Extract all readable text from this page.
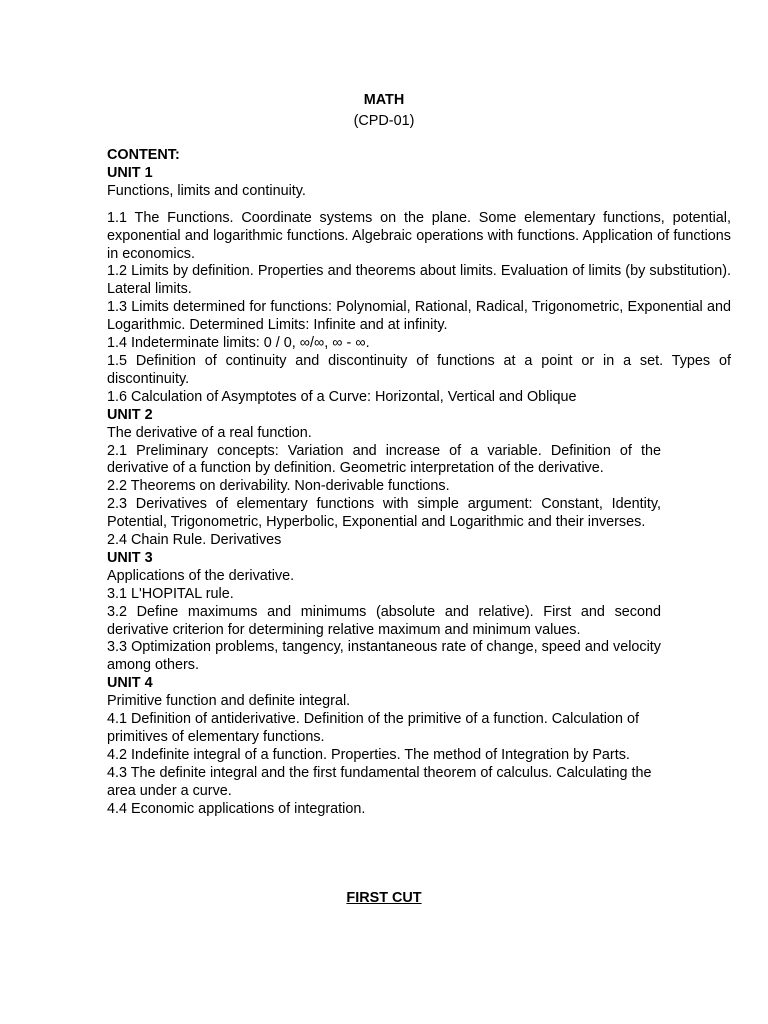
MATH

(CPD-01)

CONTENT:

UNIT 1

Functions, limits and continuity.

1.1 The Functions. Coordinate systems on the plane. Some elementary functions, potential, exponential and logarithmic functions. Algebraic operations with functions. Application of functions in economics.

1.2 Limits by definition. Properties and theorems about limits. Evaluation of limits (by substitution). Lateral limits.

1.3 Limits determined for functions: Polynomial, Rational, Radical, Trigonometric, Exponential and Logarithmic. Determined Limits: Infinite and at infinity.

1.4 Indeterminate limits: 0 / 0, ∞/∞, ∞ - ∞.

1.5 Definition of continuity and discontinuity of functions at a point or in a set. Types of discontinuity.

1.6 Calculation of Asymptotes of a Curve: Horizontal, Vertical and Oblique

UNIT 2

The derivative of a real function.

2.1 Preliminary concepts: Variation and increase of a variable. Definition of the derivative of a function by definition. Geometric interpretation of the derivative.

2.2 Theorems on derivability. Non-derivable functions.

2.3 Derivatives of elementary functions with simple argument: Constant, Identity, Potential, Trigonometric, Hyperbolic, Exponential and Logarithmic and their inverses.

2.4 Chain Rule. Derivatives

UNIT 3

Applications of the derivative.

3.1 L'HOPITAL rule.

3.2 Define maximums and minimums (absolute and relative). First and second derivative criterion for determining relative maximum and minimum values.

3.3 Optimization problems, tangency, instantaneous rate of change, speed and velocity among others.

UNIT 4

Primitive function and definite integral.

4.1 Definition of antiderivative. Definition of the primitive of a function. Calculation of primitives of elementary functions.

4.2 Indefinite integral of a function. Properties. The method of Integration by Parts.

4.3 The definite integral and the first fundamental theorem of calculus. Calculating the area under a curve.

4.4 Economic applications of integration.

FIRST CUT
